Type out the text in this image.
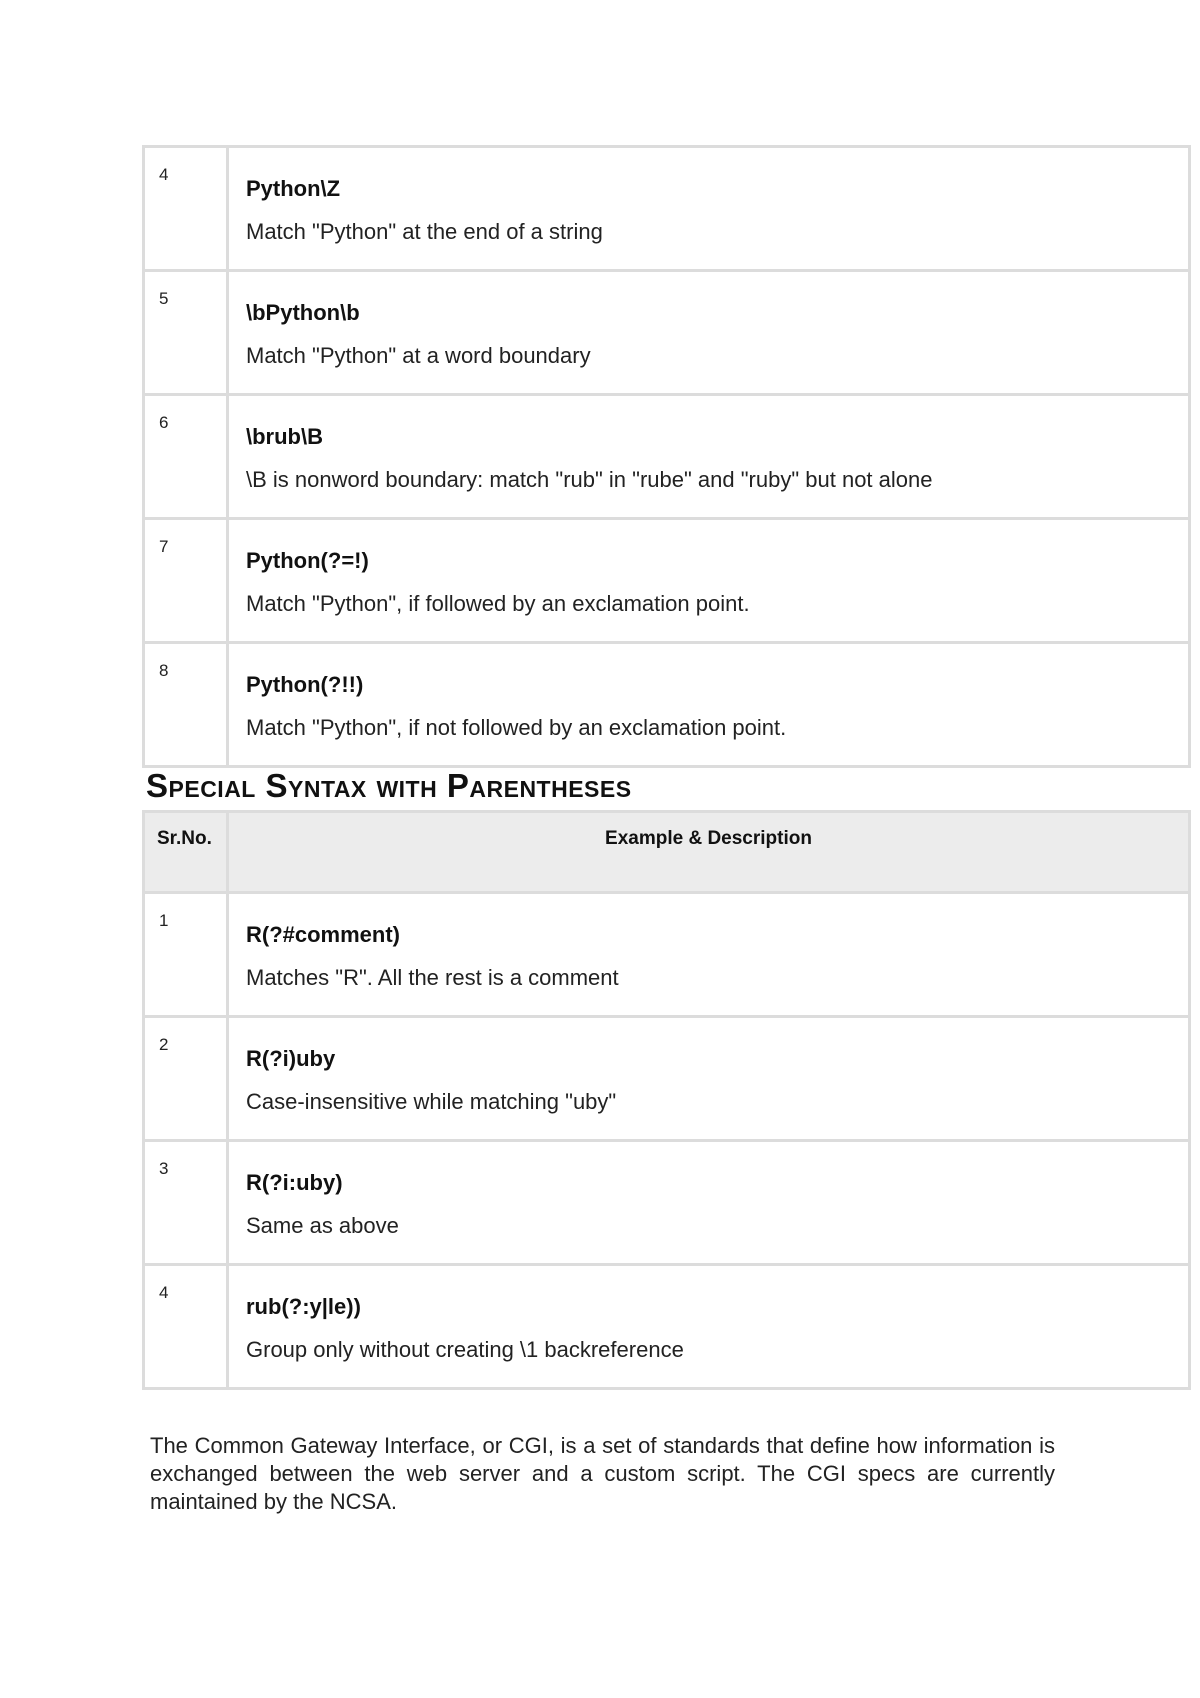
4	Python\Z
Match "Python" at the end of a string

5	\bPython\b
Match "Python" at a word boundary

6	\brub\B
\B is nonword boundary: match "rub" in "rube" and "ruby" but not alone

7	Python(?=!)
Match "Python", if followed by an exclamation point.

8	Python(?!!)
Match "Python", if not followed by an exclamation point.
Special Syntax with Parentheses
Sr.No.	Example & Description
1	R(?#comment)
Matches "R". All the rest is a comment

2	R(?i)uby
Case-insensitive while matching "uby"

3	R(?i:uby)
Same as above

4	rub(?:y|le))
Group only without creating \1 backreference

The Common Gateway Interface, or CGI, is a set of standards that define how information is exchanged between the web server and a custom script. The CGI specs are currently maintained by the NCSA.
